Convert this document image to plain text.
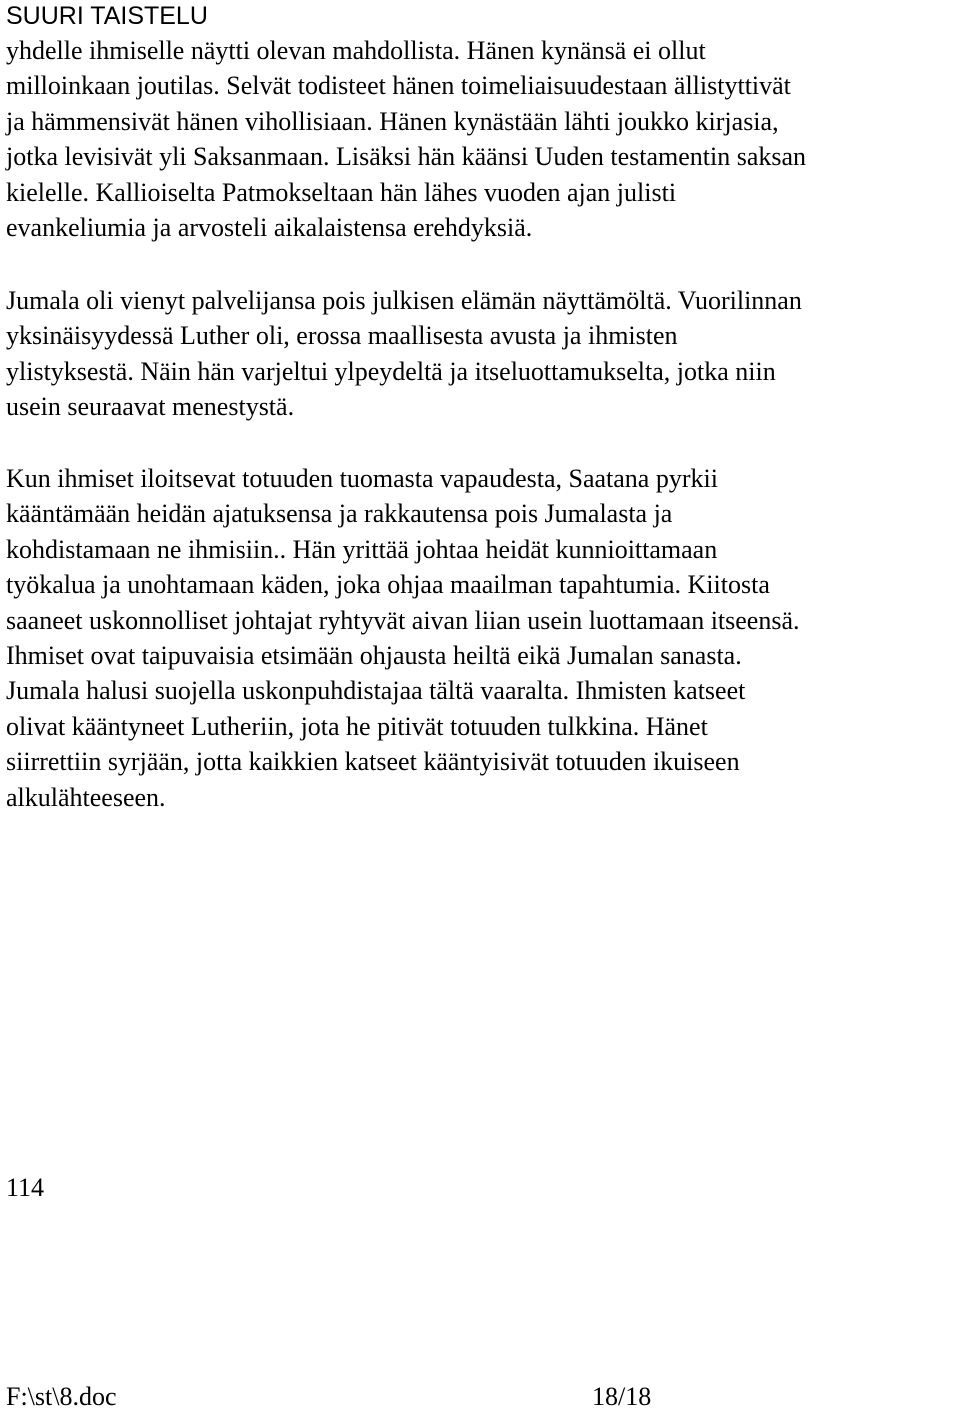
SUURI TAISTELU
yhdelle ihmiselle näytti olevan mahdollista. Hänen kynänsä ei ollut
milloinkaan joutilas. Selvät todisteet hänen toimeliaisuudestaan ällistyttivät
ja hämmensivät hänen vihollisiaan. Hänen kynästään lähti joukko kirjasia,
jotka levisivät yli Saksanmaan. Lisäksi hän käänsi Uuden testamentin saksan
kielelle. Kallioiselta Patmokseltaan hän lähes vuoden ajan julisti
evankeliumia ja arvosteli aikalaistensa erehdyksiä.
Jumala oli vienyt palvelijansa pois julkisen elämän näyttämöltä. Vuorilinnan
yksinäisyydessä Luther oli, erossa maallisesta avusta ja ihmisten
ylistyksestä. Näin hän varjeltui ylpeydeltä ja itseluottamukselta, jotka niin
usein seuraavat menestystä.
Kun ihmiset iloitsevat totuuden tuomasta vapaudesta, Saatana pyrkii
kääntämään heidän ajatuksensa ja rakkautensa pois Jumalasta ja
kohdistamaan ne ihmisiin.. Hän yrittää johtaa heidät kunnioittamaan
työkalua ja unohtamaan käden, joka ohjaa maailman tapahtumia. Kiitosta
saaneet uskonnolliset johtajat ryhtyvät aivan liian usein luottamaan itseensä.
Ihmiset ovat taipuvaisia etsimään ohjausta heiltä eikä Jumalan sanasta.
Jumala halusi suojella uskonpuhdistajaa tältä vaaralta. Ihmisten katseet
olivat kääntyneet Lutheriin, jota he pitivät totuuden tulkkina. Hänet
siirrettiin syrjään, jotta kaikkien katseet kääntyisivät totuuden ikuiseen
alkulähteeseen.
114
F:\st\8.doc	18/18
